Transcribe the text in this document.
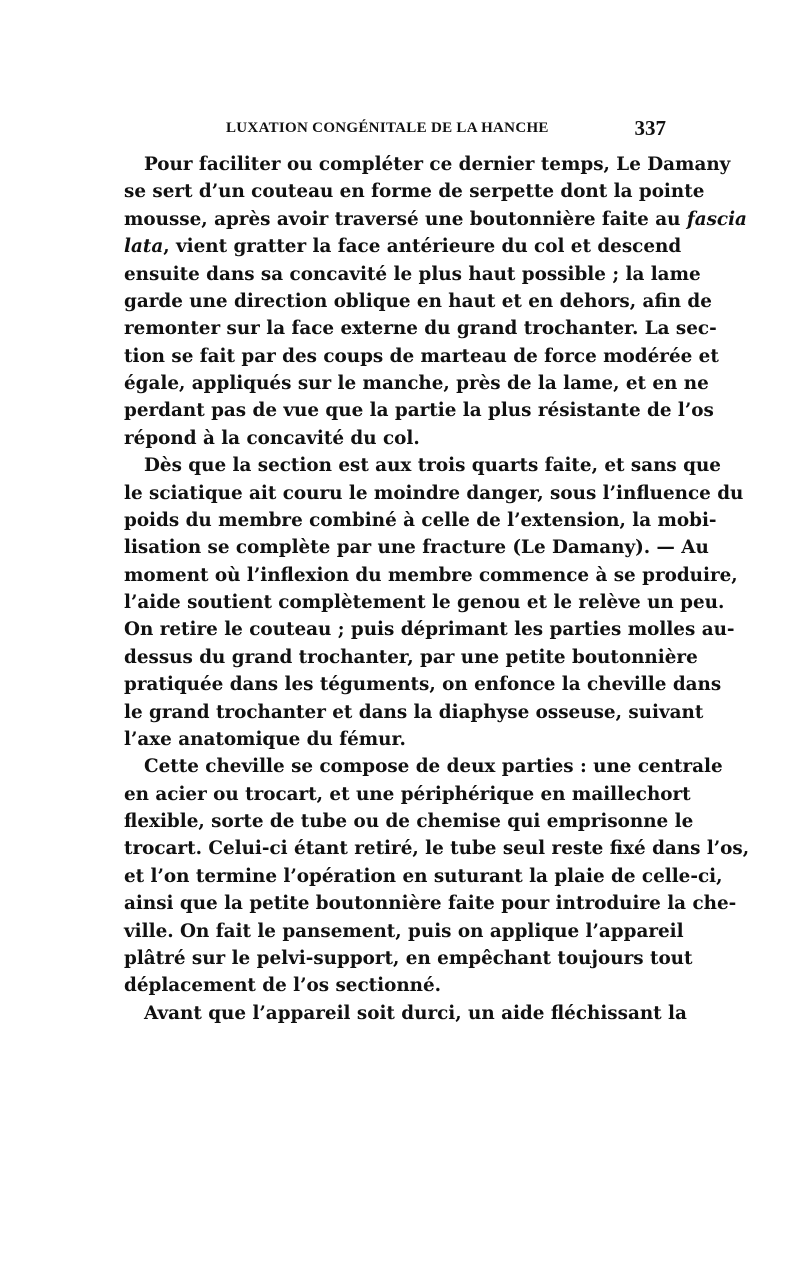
LUXATION CONGÉNITALE DE LA HANCHE	337
Pour faciliter ou compléter ce dernier temps, Le Damany
se sert d’un couteau en forme de serpette dont la pointe
mousse, après avoir traversé une boutonnière faite au fascia
lata, vient gratter la face antérieure du col et descend
ensuite dans sa concavité le plus haut possible ; la lame
garde une direction oblique en haut et en dehors, afin de
remonter sur la face externe du grand trochanter. La sec-
tion se fait par des coups de marteau de force modérée et
égale, appliqués sur le manche, près de la lame, et en ne
perdant pas de vue que la partie la plus résistante de l’os
répond à la concavité du col.
Dès que la section est aux trois quarts faite, et sans que
le sciatique ait couru le moindre danger, sous l’influence du
poids du membre combiné à celle de l’extension, la mobi-
lisation se complète par une fracture (Le Damany). — Au
moment où l’inflexion du membre commence à se produire,
l’aide soutient complètement le genou et le relève un peu.
On retire le couteau ; puis déprimant les parties molles au-
dessus du grand trochanter, par une petite boutonnière
pratiquée dans les téguments, on enfonce la cheville dans
le grand trochanter et dans la diaphyse osseuse, suivant
l’axe anatomique du fémur.
Cette cheville se compose de deux parties : une centrale
en acier ou trocart, et une périphérique en maillechort
flexible, sorte de tube ou de chemise qui emprisonne le
trocart. Celui-ci étant retiré, le tube seul reste fixé dans l’os,
et l’on termine l’opération en suturant la plaie de celle-ci,
ainsi que la petite boutonnière faite pour introduire la che-
ville. On fait le pansement, puis on applique l’appareil
plâtré sur le pelvi-support, en empêchant toujours tout
déplacement de l’os sectionné.
Avant que l’appareil soit durci, un aide fléchissant la
